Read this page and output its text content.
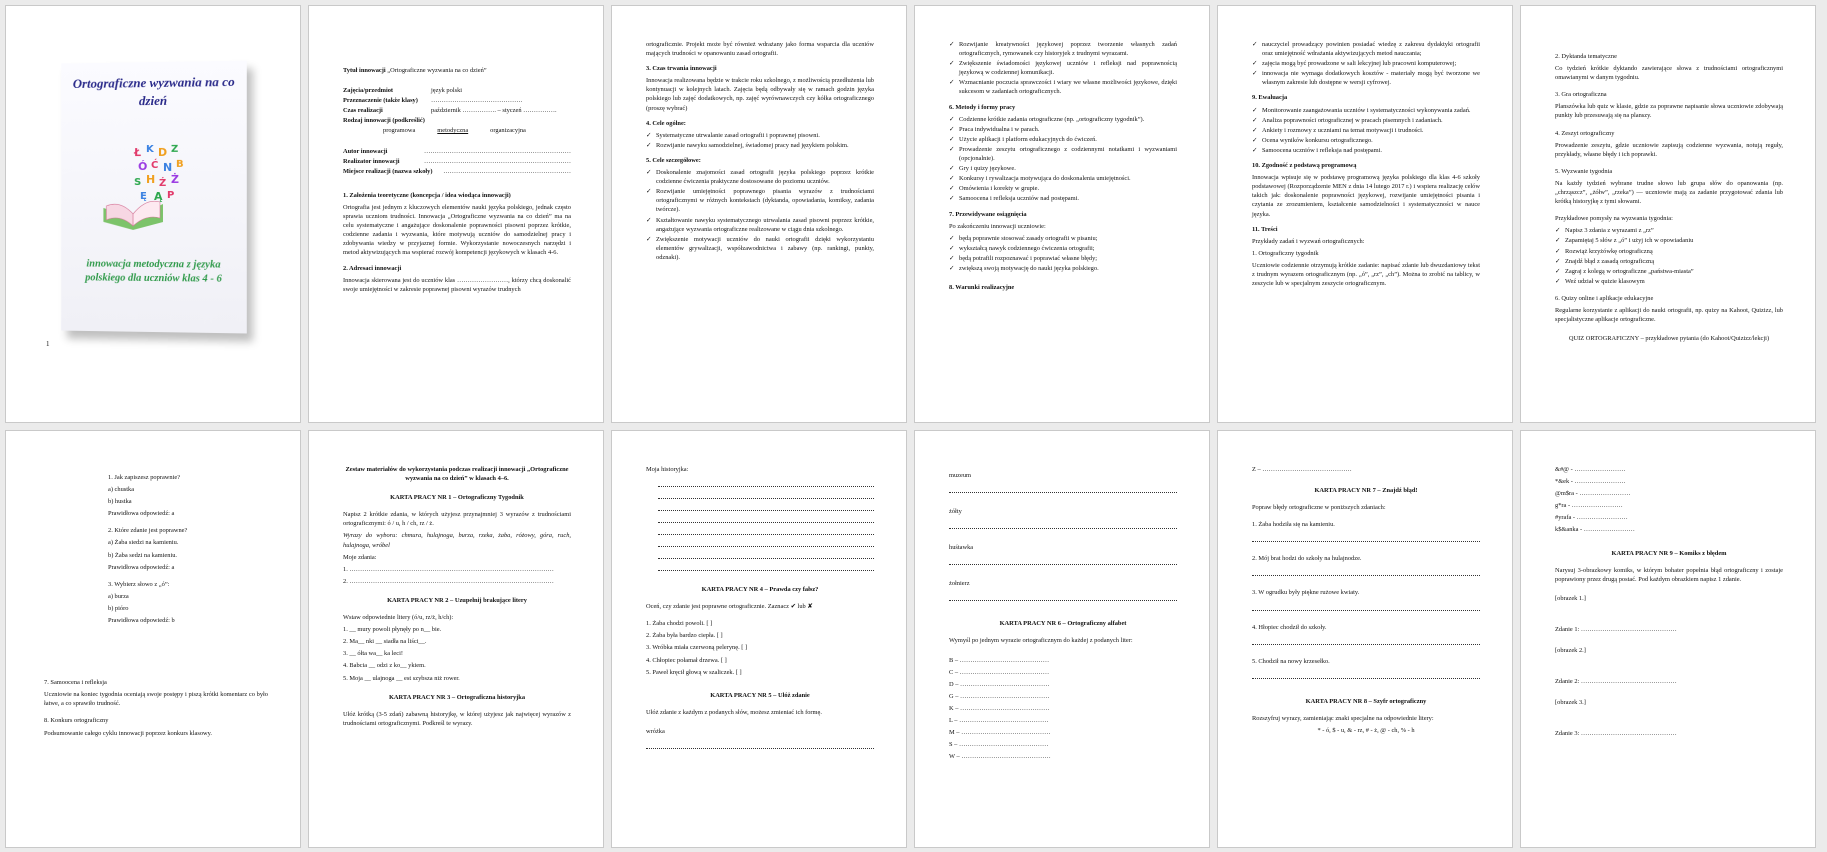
Ortograficzne wyzwania na co dzień
Ł K D Z
Ó Ć N B
S H Ź Ż
Ę Ą P
innowacja metodyczna z języka polskiego dla uczniów klas 4 - 6
1
Tytuł innowacji „Ortograficzne wyzwania na co dzień”
Zajęcia/przedmiot	język polski
Przeznaczenie (także klasy)	…………………………………….
Czas realizacji	październik ……………. – styczeń …………….
Rodzaj innowacji (podkreślić)
programowa	metodyczna	organizacyjna
Autor innowacji	……………………………………………………………
Realizator innowacji	……………………………………………………………
Miejsce realizacji (nazwa szkoły)	……………………………………………………
1. Założenia teoretyczne (koncepcja / idea wiodąca innowacji)
Ortografia jest jednym z kluczowych elementów nauki języka polskiego, jednak często sprawia uczniom trudności. Innowacja „Ortograficzne wyzwania na co dzień” ma na celu systematyczne i angażujące doskonalenie poprawności pisowni poprzez krótkie, codzienne zadania i wyzwania, które motywują uczniów do samodzielnej pracy i zdobywania wiedzy w przyjaznej formie. Wykorzystanie nowoczesnych narzędzi i metod aktywizujących ma wspierać rozwój kompetencji językowych w klasach 4-6.
2. Adresaci innowacji
Innowacja skierowana jest do uczniów klas ……………………, którzy chcą doskonalić swoje umiejętności w zakresie poprawnej pisowni wyrazów trudnych
ortograficznie. Projekt może być również wdrażany jako forma wsparcia dla uczniów mających trudności w opanowaniu zasad ortografii.
3. Czas trwania innowacji
Innowacja realizowana będzie w trakcie roku szkolnego, z możliwością przedłużenia lub kontynuacji w kolejnych latach. Zajęcia będą odbywały się w ramach godzin języka polskiego lub zajęć dodatkowych, np. zajęć wyrównawczych czy kółka ortograficznego (proszę wybrać)
4. Cele ogólne:
✓ Systematyczne utrwalanie zasad ortografii i poprawnej pisowni.
✓ Rozwijanie nawyku samodzielnej, świadomej pracy nad językiem polskim.
5. Cele szczegółowe:
✓ Doskonalenie znajomości zasad ortografii języka polskiego poprzez krótkie codzienne ćwiczenia praktyczne dostosowane do poziomu uczniów.
✓ Rozwijanie umiejętności poprawnego pisania wyrazów z trudnościami ortograficznymi w różnych kontekstach (dyktanda, opowiadania, komiksy, zadania twórcze).
✓ Kształtowanie nawyku systematycznego utrwalania zasad pisowni poprzez krótkie, angażujące wyzwania ortograficzne realizowane w ciągu dnia szkolnego.
✓ Zwiększenie motywacji uczniów do nauki ortografii dzięki wykorzystaniu elementów grywalizacji, współzawodnictwa i zabawy (np. rankingi, punkty, odznaki).
✓ Rozwijanie kreatywności językowej poprzez tworzenie własnych zadań ortograficznych, rymowanek czy historyjek z trudnymi wyrazami.
✓ Zwiększenie świadomości językowej uczniów i refleksji nad poprawnością językową w codziennej komunikacji.
✓ Wzmacnianie poczucia sprawczości i wiary we własne możliwości językowe, dzięki sukcesom w zadaniach ortograficznych.
6. Metody i formy pracy
✓ Codzienne krótkie zadania ortograficzne (np. „ortograficzny tygodnik”).
✓ Praca indywidualna i w parach.
✓ Użycie aplikacji i platform edukacyjnych do ćwiczeń.
✓ Prowadzenie zeszytu ortograficznego z codziennymi notatkami i wyzwaniami (opcjonalnie).
✓ Gry i quizy językowe.
✓ Konkursy i rywalizacja motywująca do doskonalenia umiejętności.
✓ Omówienia i korekty w grupie.
✓ Samoocena i refleksja uczniów nad postępami.
7. Przewidywane osiągnięcia
Po zakończeniu innowacji uczniowie:
✓ będą poprawnie stosować zasady ortografii w pisaniu;
✓ wykształcą nawyk codziennego ćwiczenia ortografii;
✓ będą potrafili rozpoznawać i poprawiać własne błędy;
✓ zwiększą swoją motywację do nauki języka polskiego.
8. Warunki realizacyjne
✓ nauczyciel prowadzący powinien posiadać wiedzę z zakresu dydaktyki ortografii oraz umiejętność wdrażania aktywizujących metod nauczania;
✓ zajęcia mogą być prowadzone w sali lekcyjnej lub pracowni komputerowej;
✓ innowacja nie wymaga dodatkowych kosztów - materiały mogą być tworzone we własnym zakresie lub dostępne w wersji cyfrowej.
9. Ewaluacja
✓ Monitorowanie zaangażowania uczniów i systematyczności wykonywania zadań.
✓ Analiza poprawności ortograficznej w pracach pisemnych i zadaniach.
✓ Ankiety i rozmowy z uczniami na temat motywacji i trudności.
✓ Ocena wyników konkursu ortograficznego.
✓ Samoocena uczniów i refleksja nad postępami.
10. Zgodność z podstawą programową
Innowacja wpisuje się w podstawę programową języka polskiego dla klas 4-6 szkoły podstawowej (Rozporządzenie MEN z dnia 14 lutego 2017 r.) i wspiera realizację celów takich jak: doskonalenie poprawności językowej, rozwijanie umiejętności pisania i czytania ze zrozumieniem, kształcenie samodzielności i systematyczności w nauce języka.
11. Treści
Przykłady zadań i wyzwań ortograficznych:
1. Ortograficzny tygodnik
Uczniowie codziennie otrzymują krótkie zadanie: napisać zdanie lub dwuzdaniowy tekst z trudnym wyrazem ortograficznym (np. „ó”, „rz”, „ch”). Można to zrobić na tablicy, w zeszycie lub w specjalnym zeszycie ortograficznym.
2. Dyktanda tematyczne
Co tydzień krótkie dyktando zawierające słowa z trudnościami ortograficznymi omawianymi w danym tygodniu.
3. Gra ortograficzna
Planszówka lub quiz w klasie, gdzie za poprawne napisanie słowa uczniowie zdobywają punkty lub przesuwają się na planszy.
4. Zeszyt ortograficzny
Prowadzenie zeszytu, gdzie uczniowie zapisują codzienne wyzwania, notują reguły, przykłady, własne błędy i ich poprawki.
5. Wyzwanie tygodnia
Na każdy tydzień wybrane trudne słowo lub grupa słów do opanowania (np. „chrząszcz”, „żółw”, „rzeka”) — uczniowie mają za zadanie przygotować zdania lub krótką historyjkę z tymi słowami.
Przykładowe pomysły na wyzwania tygodnia:
✓ Napisz 3 zdania z wyrazami z „rz”
✓ Zapamiętaj 5 słów z „ó” i użyj ich w opowiadaniu
✓ Rozwiąż krzyżówkę ortograficzną
✓ Znajdź błąd z zasadą ortograficzną
✓ Zagraj z kolegą w ortograficzne „państwa-miasta”
✓ Weź udział w quizie klasowym
6. Quizy online i aplikacje edukacyjne
Regularne korzystanie z aplikacji do nauki ortografii, np. quizy na Kahoot, Quizizz, lub specjalistyczne aplikacje ortograficzne.
QUIZ ORTOGRAFICZNY – przykładowe pytania (do Kahoot/Quizizz/lekcji)
1. Jak zapiszesz poprawnie?
a) chustka
b) hustka
Prawidłowa odpowiedź: a
2. Które zdanie jest poprawne?
a) Żaba siedzi na kamieniu.
b) Żaba sedzi na kamieniu.
Prawidłowa odpowiedź: a
3. Wybierz słowo z „ó”:
a) burza
b) pióro
Prawidłowa odpowiedź: b
7. Samoocena i refleksja
Uczniowie na koniec tygodnia oceniają swoje postępy i piszą krótki komentarz co było łatwe, a co sprawiło trudność.
8. Konkurs ortograficzny
Podsumowanie całego cyklu innowacji poprzez konkurs klasowy.
Zestaw materiałów do wykorzystania podczas realizacji innowacji „Ortograficzne wyzwania na co dzień” w klasach 4–6.
KARTA PRACY NR 1 – Ortograficzny Tygodnik
Napisz 2 krótkie zdania, w których użyjesz przynajmniej 3 wyrazów z trudnościami ortograficznymi: ó / u, h / ch, rz / ż.
Wyrazy do wyboru: chmura, hulajnoga, burza, rzeka, żaba, różowy, góra, ruch, hulajnoga, wróbel
Moje zdania:
1. ……………………………………………………………………………………
2. ……………………………………………………………………………………
KARTA PRACY NR 2 – Uzupełnij brakujące litery
Wstaw odpowiednie litery (ó/u, rz/ż, h/ch):
1. __ mury powoli płynęły po n__ bie.
2. Ma__ nki __ siadła na liści__.
3. __ ółta wa__ ka leci!
4. Babcia __ odzi z ko__ ykiem.
5. Moja __ ulajnoga __ est szybsza niż rower.
KARTA PRACY NR 3 – Ortograficzna historyjka
Ułóż krótką (3-5 zdań) zabawną historyjkę, w której użyjesz jak najwięcej wyrazów z trudnościami ortograficznymi. Podkreśl te wyrazy.
Moja historyjka:
KARTA PRACY NR 4 – Prawda czy fałsz?
Oceń, czy zdanie jest poprawne ortograficznie. Zaznacz ✔ lub ✘
1. Żaba chodzi powoli. [ ]
2. Żaba była bardzo ciepła. [ ]
3. Wróbka miała czerwoną pelerynę. [ ]
4. Chłopiec połamał drzewa. [ ]
5. Paweł kręcił głową w szaliczek. [ ]
KARTA PRACY NR 5 – Ułóż zdanie
Ułóż zdanie z każdym z podanych słów, możesz zmieniać ich formę.
wróżka
muzeum
żółty
huśtawka
żołnierz
KARTA PRACY NR 6 – Ortograficzny alfabet
Wymyśl po jednym wyrazie ortograficznym do każdej z podanych liter:
B – ……………………………………
C – ……………………………………
D – ……………………………………
G – ……………………………………
K – ……………………………………
L – ……………………………………
M – ……………………………………
S – ……………………………………
W – ……………………………………
Z – ……………………………………
KARTA PRACY NR 7 – Znajdź błąd!
Popraw błędy ortograficzne w poniższych zdaniach:
1. Żaba hodziła się na kamieniu.
2. Mój brat hodzi do szkoły na hulajnodze.
3. W ogrudku były piękne rużowe kwiaty.
4. Hłopiec chodził do szkoły.
5. Chodził na nowy krzesełko.
KARTA PRACY NR 8 – Szyfr ortograficzny
Rozszyfruj wyrazy, zamieniając znaki specjalne na odpowiednie litery:
* - ó, $ - u, & - rz, # - ż, @ - ch, % - h
&#@ - ……………………
*&ek - ……………………
@m$ra - ……………………
g*ra - ……………………
#yrafa - ……………………
k$&anka - ……………………
KARTA PRACY NR 9 – Komiks z błędem
Narysuj 3-obrazkowy komiks, w którym bohater popełnia błąd ortograficzny i zostaje poprawiony przez drugą postać. Pod każdym obrazkiem napisz 1 zdanie.
[obrazek 1.]
Zdanie 1: ………………………………………
[obrazek 2.]
Zdanie 2: ………………………………………
[obrazek 3.]
Zdanie 3: ………………………………………
